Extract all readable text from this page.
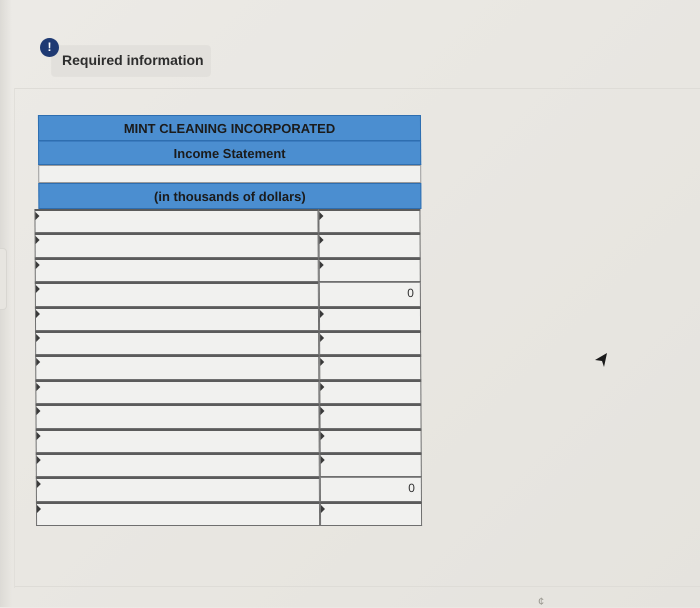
!
Required information
MINT CLEANING INCORPORATED
Income Statement
(in thousands of dollars)
0
0
¢
